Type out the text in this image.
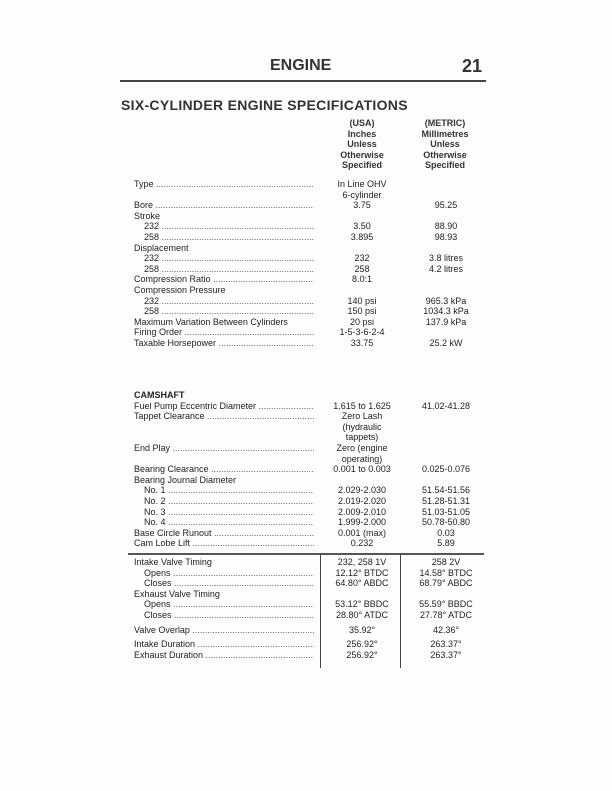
ENGINE	21
SIX-CYLINDER ENGINE SPECIFICATIONS
(USA)
Inches
Unless
Otherwise
Specified
(METRIC)
Millimetres
Unless
Otherwise
Specified
Type .....	In Line OHV
6-cylinder
Bore .....	3.75	95.25
Stroke
232 .....	3.50	88.90
258 .....	3.895	98.93
Displacement
232 .....	232	3.8 litres
258 .....	258	4.2 litres
Compression Ratio .....	8.0:1
Compression Pressure
232 .....	140 psi	965.3 kPa
258 .....	150 psi	1034.3 kPa
Maximum Variation Between Cylinders	20 psi	137.9 kPa
Firing Order .....	1-5-3-6-2-4
Taxable Horsepower .....	33.75	25.2 kW
CAMSHAFT
Fuel Pump Eccentric Diameter .....	1.615 to 1.625	41.02-41.28
Tappet Clearance .....	Zero Lash
(hydraulic
tappets)
End Play .....	Zero (engine
operating)
Bearing Clearance .....	0.001 to 0.003	0.025-0.076
Bearing Journal Diameter
No. 1 .....	2.029-2.030	51.54-51.56
No. 2 .....	2.019-2.020	51.28-51.31
No. 3 .....	2.009-2.010	51.03-51.05
No. 4 .....	1.999-2.000	50.78-50.80
Base Circle Runout .....	0.001 (max)	0.03
Cam Lobe Lift .....	0.232	5.89
Intake Valve Timing	232, 258 1V	258 2V
Opens .....	12.12° BTDC	14.58° BTDC
Closes .....	64.80° ABDC	68.79° ABDC
Exhaust Valve Timing
Opens .....	53.12° BBDC	55.59° BBDC
Closes .....	28.80° ATDC	27.78° ATDC
Valve Overlap .....	35.92°	42.36°
Intake Duration .....	256.92°	263.37°
Exhaust Duration .....	256.92°	263.37°
